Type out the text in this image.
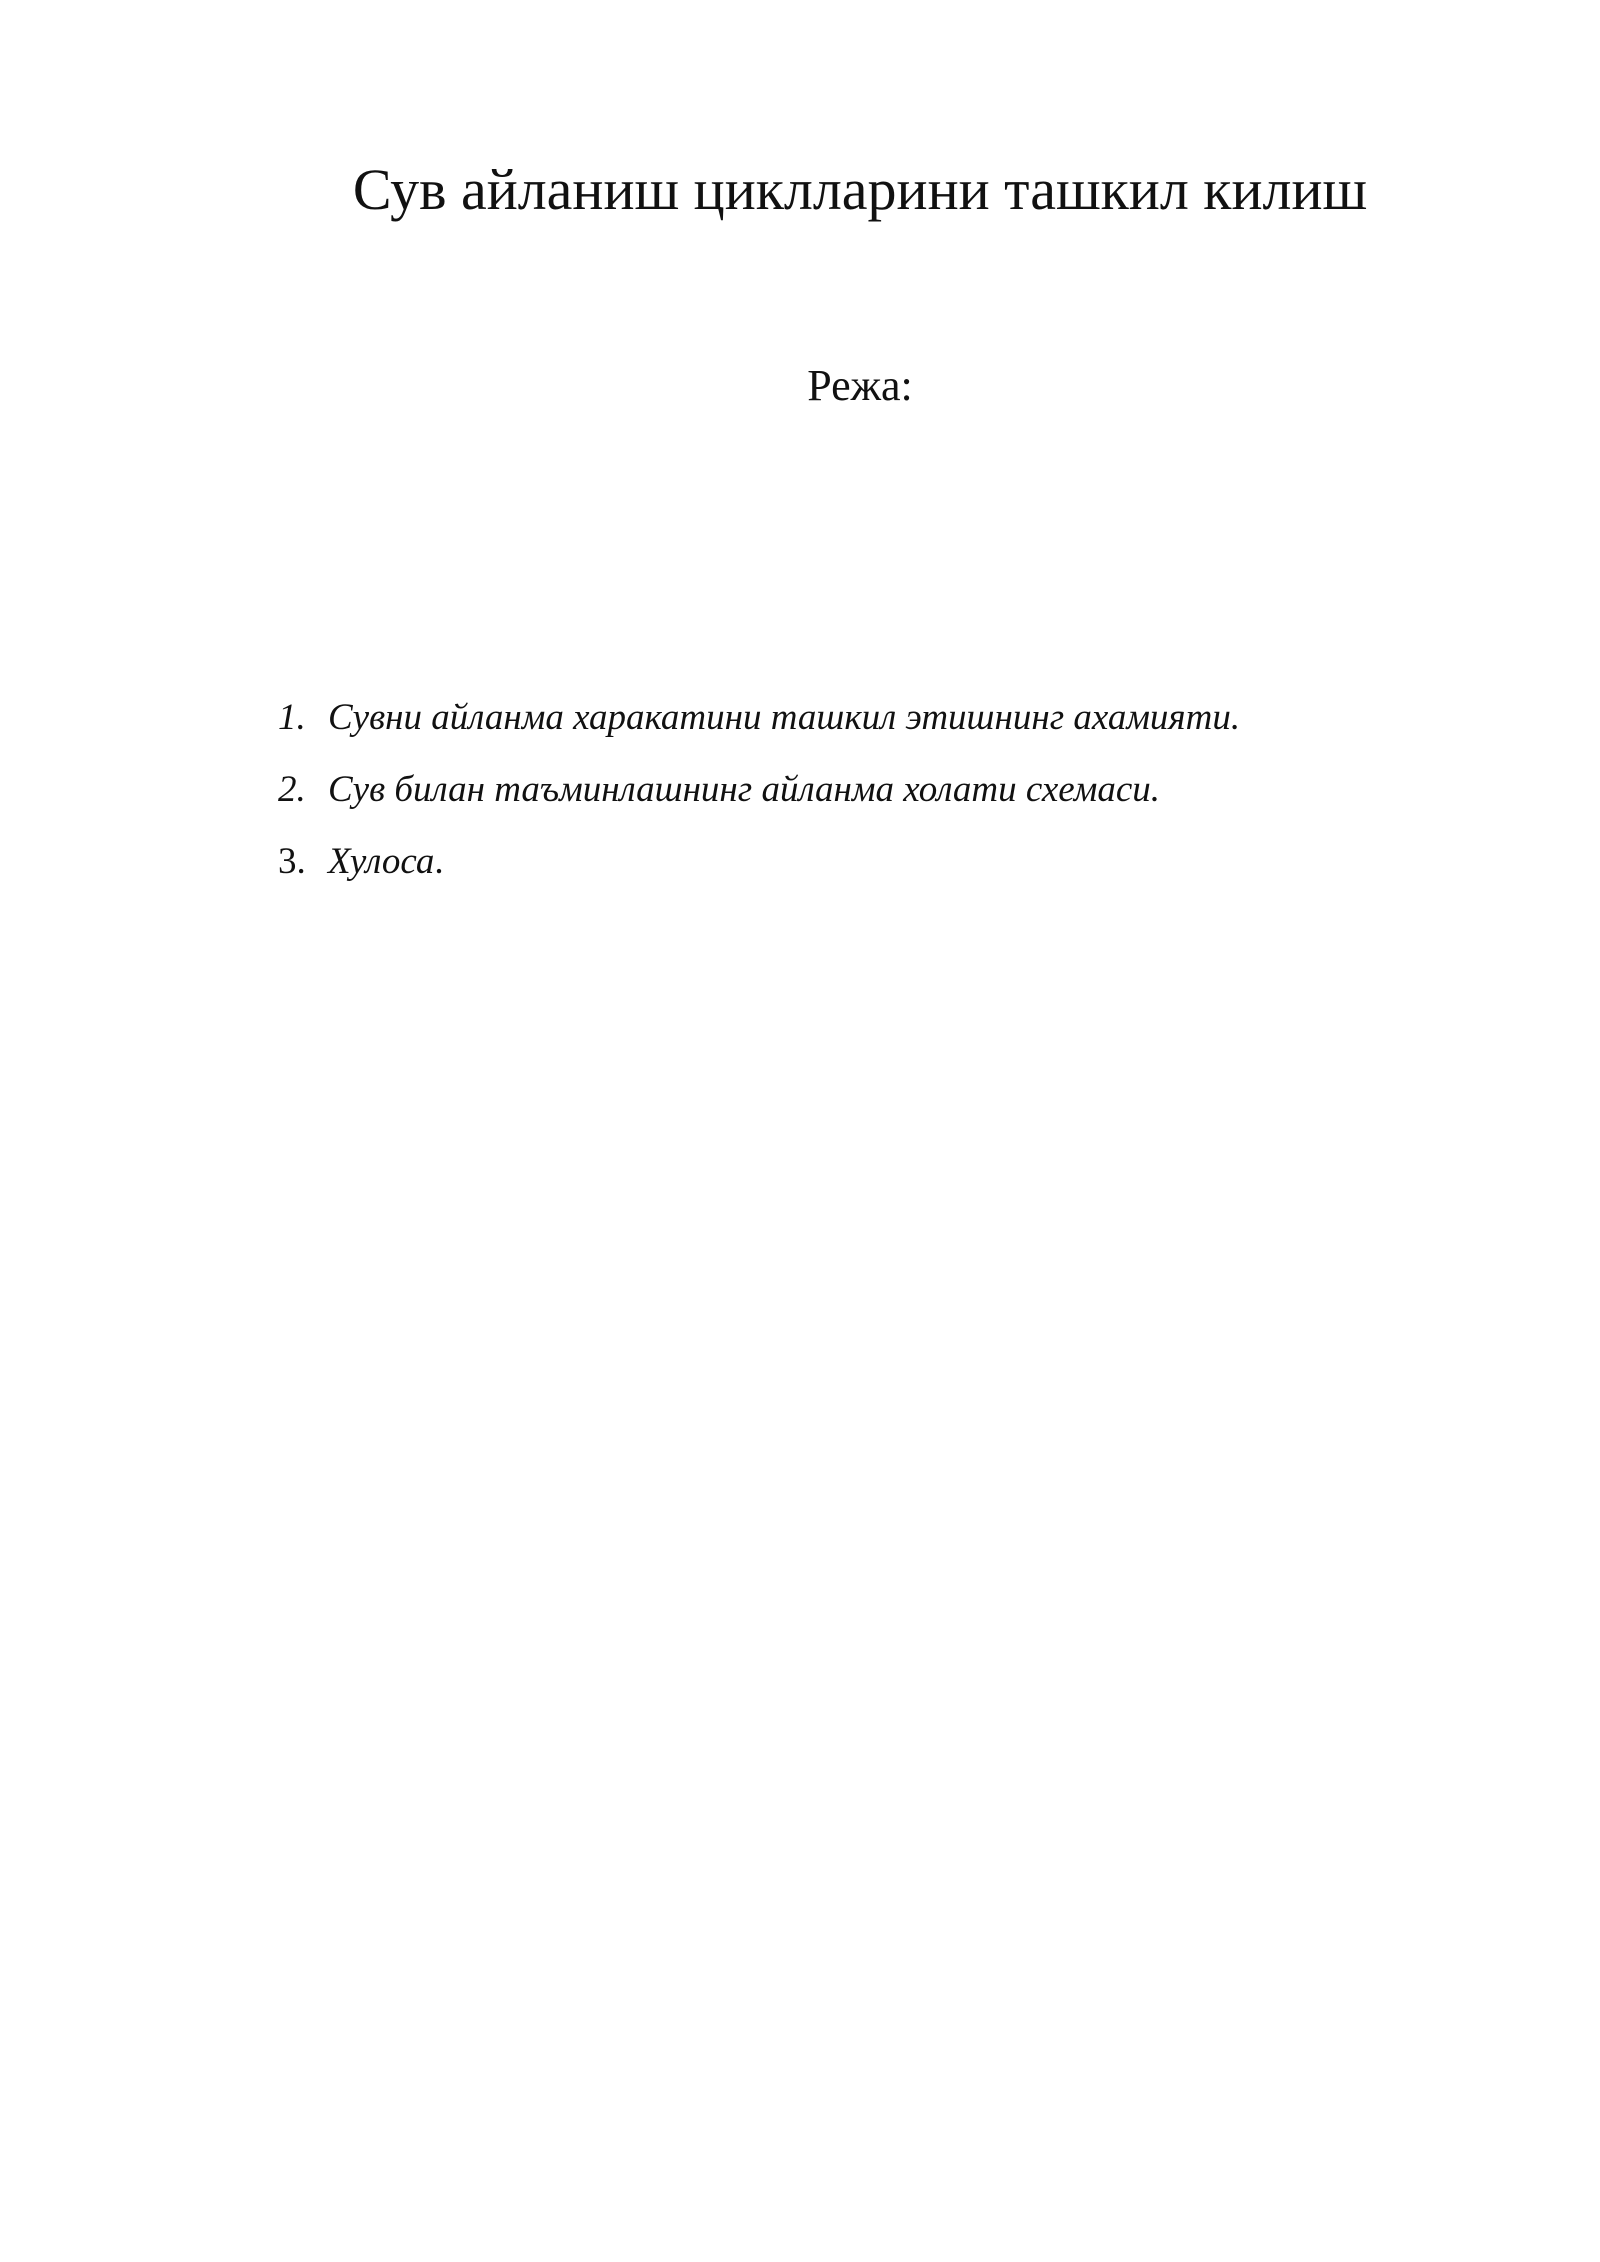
Сув айланиш циклларини ташкил килиш

Режа:

1. Сувни айланма харакатини ташкил этишнинг ахамияти.
2. Сув билан таъминлашнинг айланма холати схемаси.
3. Хулоса.
